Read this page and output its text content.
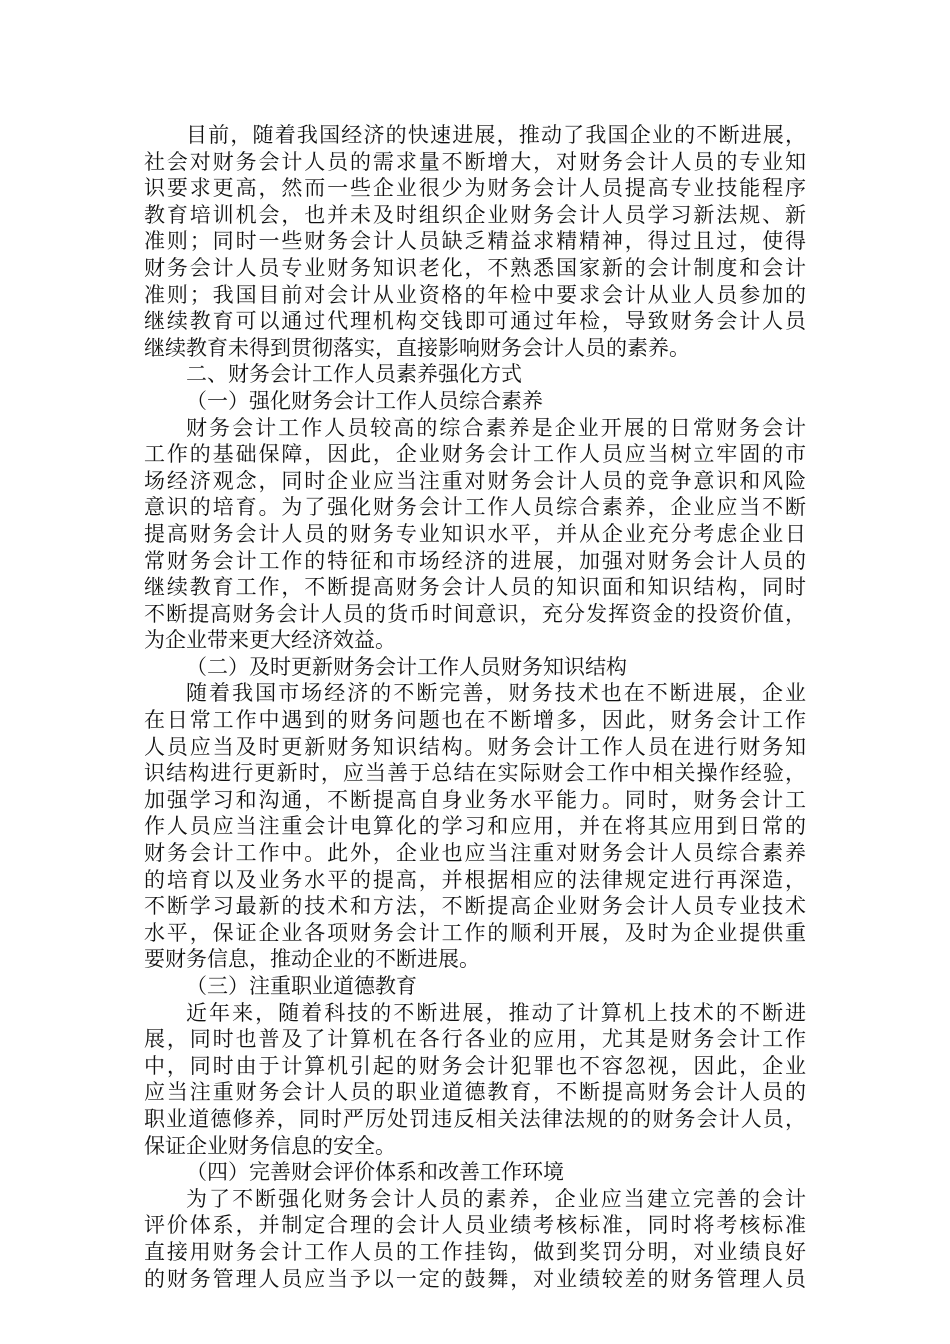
目前，随着我国经济的快速进展，推动了我国企业的不断进展，
社会对财务会计人员的需求量不断增大，对财务会计人员的专业知
识要求更高，然而一些企业很少为财务会计人员提高专业技能程序
教育培训机会，也并未及时组织企业财务会计人员学习新法规、新
准则；同时一些财务会计人员缺乏精益求精精神，得过且过，使得
财务会计人员专业财务知识老化，不熟悉国家新的会计制度和会计
准则；我国目前对会计从业资格的年检中要求会计从业人员参加的
继续教育可以通过代理机构交钱即可通过年检，导致财务会计人员
继续教育未得到贯彻落实，直接影响财务会计人员的素养。
二、财务会计工作人员素养强化方式
（一）强化财务会计工作人员综合素养
财务会计工作人员较高的综合素养是企业开展的日常财务会计
工作的基础保障，因此，企业财务会计工作人员应当树立牢固的市
场经济观念，同时企业应当注重对财务会计人员的竞争意识和风险
意识的培育。为了强化财务会计工作人员综合素养，企业应当不断
提高财务会计人员的财务专业知识水平，并从企业充分考虑企业日
常财务会计工作的特征和市场经济的进展，加强对财务会计人员的
继续教育工作，不断提高财务会计人员的知识面和知识结构，同时
不断提高财务会计人员的货币时间意识，充分发挥资金的投资价值，
为企业带来更大经济效益。
（二）及时更新财务会计工作人员财务知识结构
随着我国市场经济的不断完善，财务技术也在不断进展，企业
在日常工作中遇到的财务问题也在不断增多，因此，财务会计工作
人员应当及时更新财务知识结构。财务会计工作人员在进行财务知
识结构进行更新时，应当善于总结在实际财会工作中相关操作经验，
加强学习和沟通，不断提高自身业务水平能力。同时，财务会计工
作人员应当注重会计电算化的学习和应用，并在将其应用到日常的
财务会计工作中。此外，企业也应当注重对财务会计人员综合素养
的培育以及业务水平的提高，并根据相应的法律规定进行再深造，
不断学习最新的技术和方法，不断提高企业财务会计人员专业技术
水平，保证企业各项财务会计工作的顺利开展，及时为企业提供重
要财务信息，推动企业的不断进展。
（三）注重职业道德教育
近年来，随着科技的不断进展，推动了计算机上技术的不断进
展，同时也普及了计算机在各行各业的应用，尤其是财务会计工作
中，同时由于计算机引起的财务会计犯罪也不容忽视，因此，企业
应当注重财务会计人员的职业道德教育，不断提高财务会计人员的
职业道德修养，同时严厉处罚违反相关法律法规的的财务会计人员，
保证企业财务信息的安全。
（四）完善财会评价体系和改善工作环境
为了不断强化财务会计人员的素养，企业应当建立完善的会计
评价体系，并制定合理的会计人员业绩考核标准，同时将考核标准
直接用财务会计工作人员的工作挂钩，做到奖罚分明，对业绩良好
的财务管理人员应当予以一定的鼓舞，对业绩较差的财务管理人员
